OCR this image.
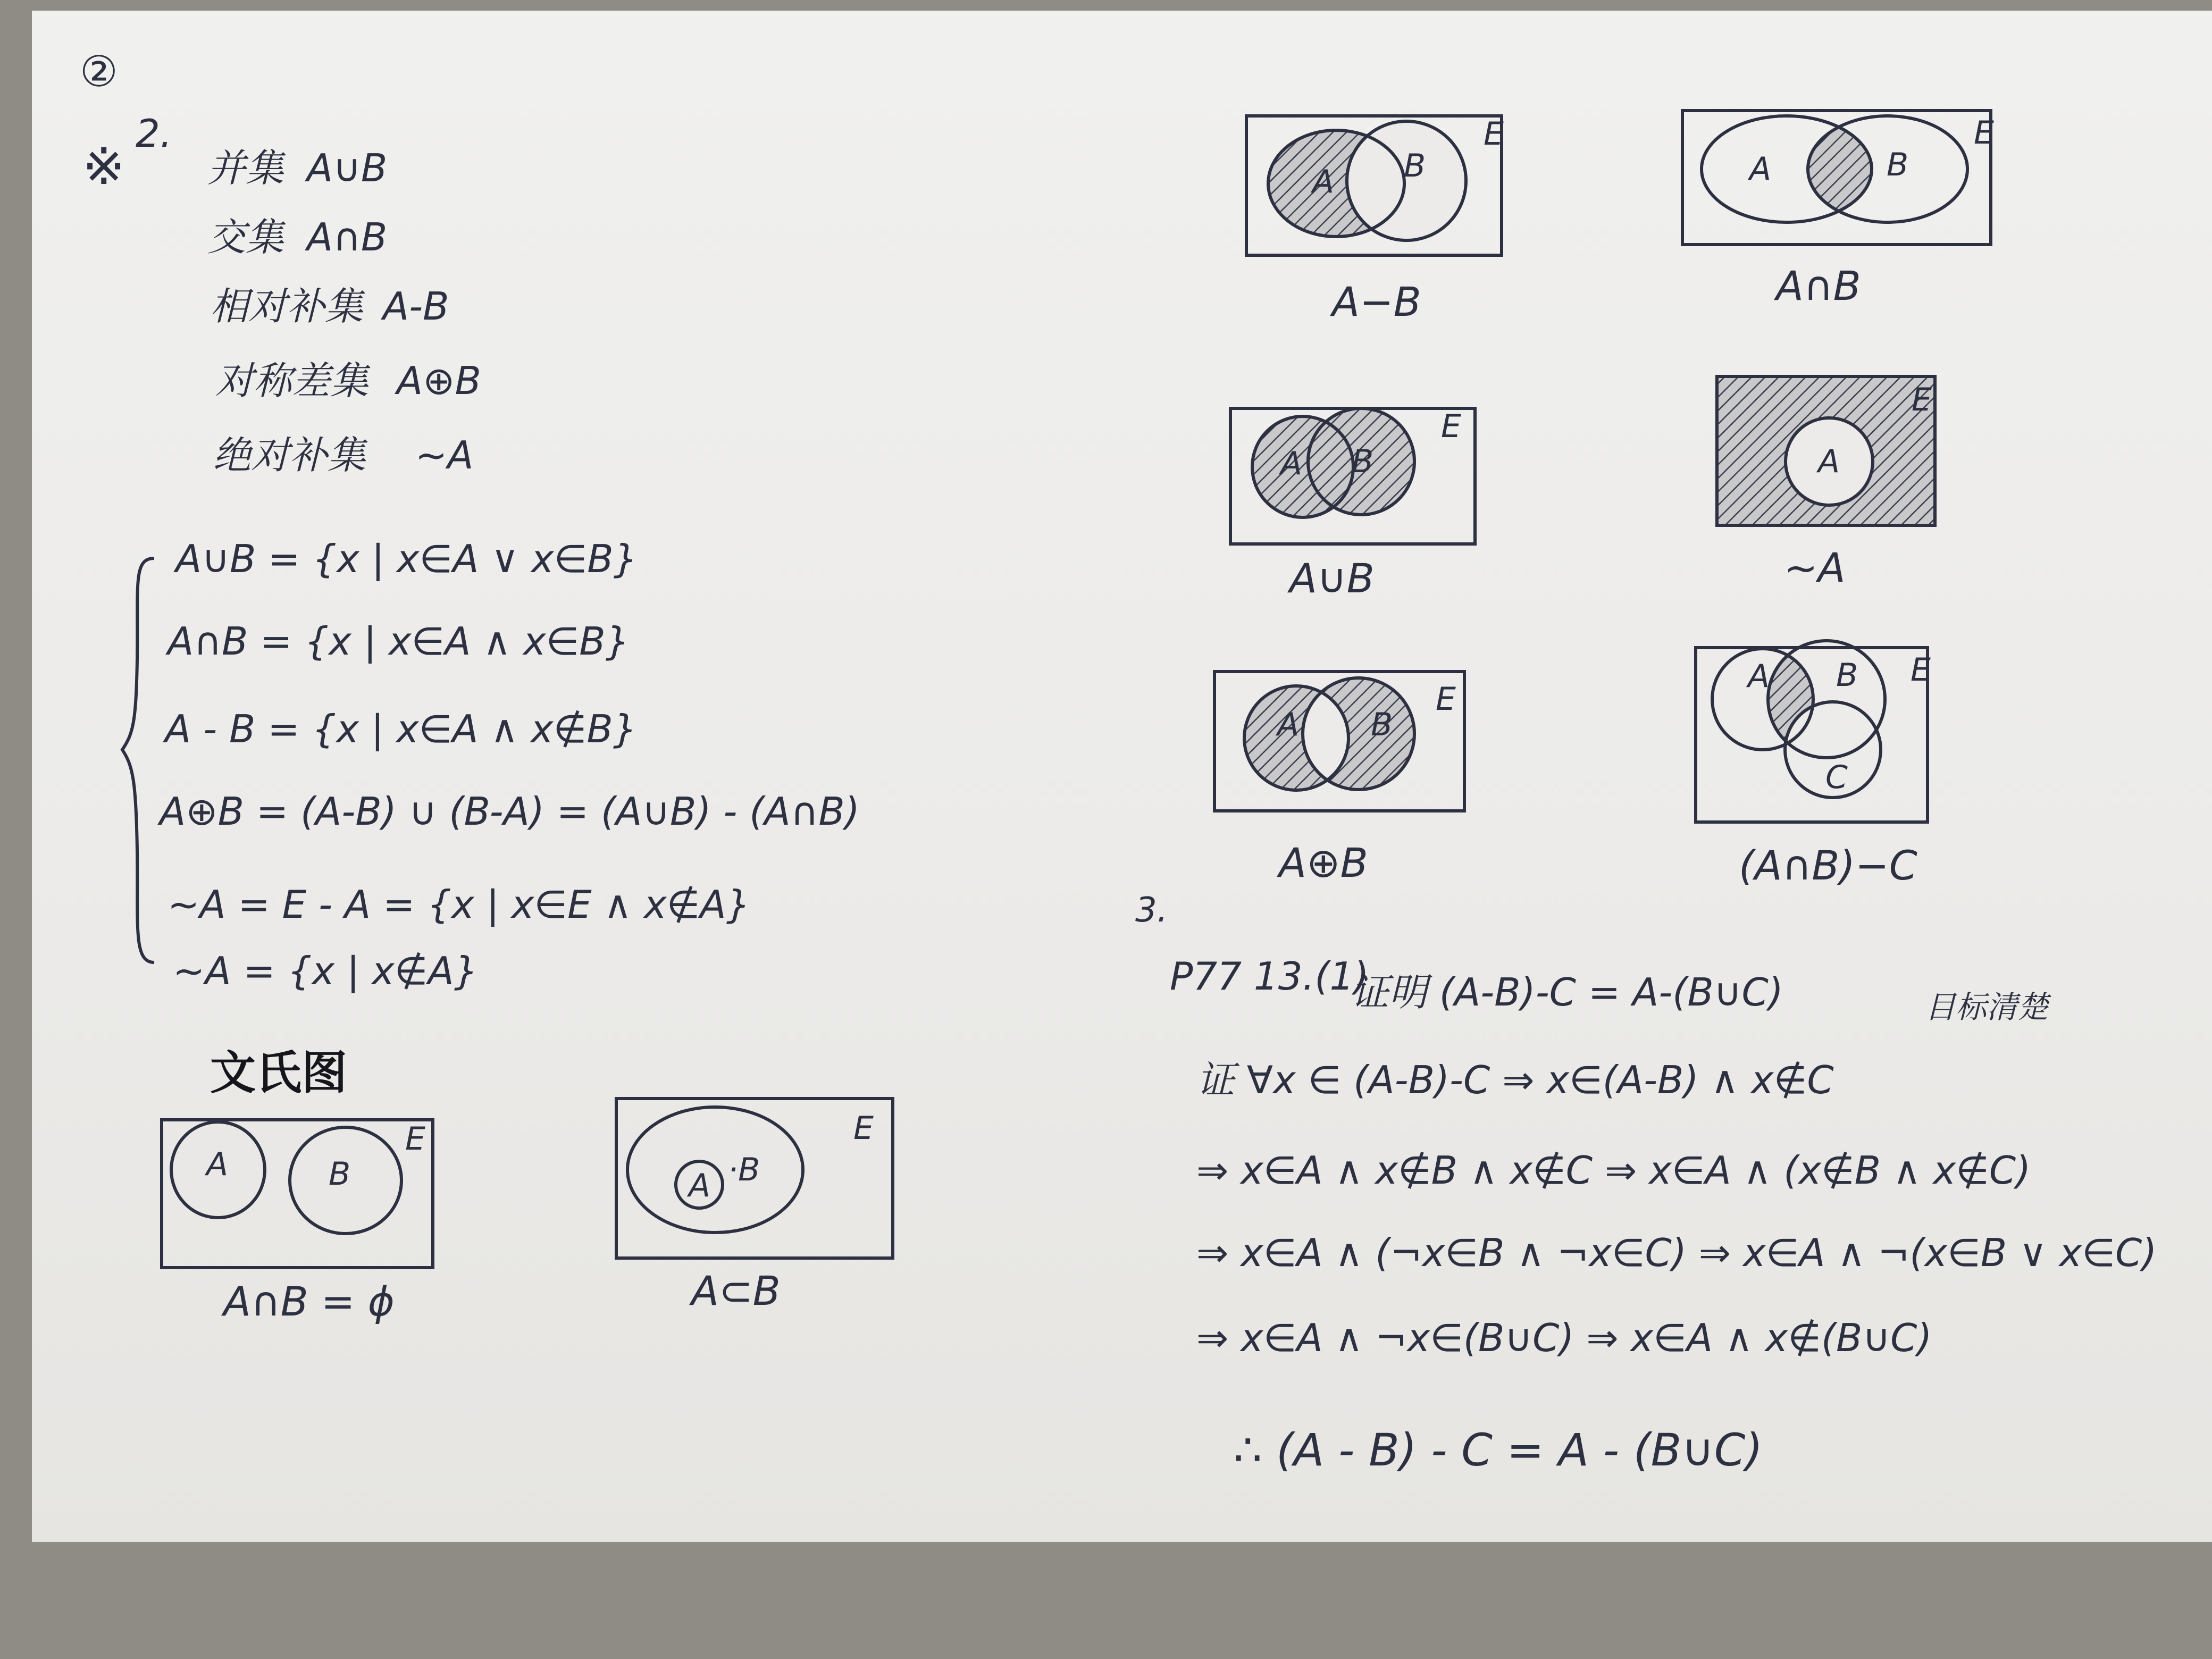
②
※
2.
并集 A∪B
交集 A∩B
相对补集 A-B
对称差集 A⊕B
绝对补集 ~A
A∪B = {x | x∈A ∨ x∈B}
A∩B = {x | x∈A ∧ x∈B}
A - B = {x | x∈A ∧ x∉B}
A⊕B = (A-B) ∪ (B-A) = (A∪B) - (A∩B)
~A = E - A = {x | x∈E ∧ x∉A}
~A = {x | x∉A}
文氏图
A	B
E
A∩B = ϕ
A ·B
E
A⊂B
A B
E
A−B
A	B
E
A∩B
A B
E
A∪B
A
E
~A
A B
E
A⊕B
A B
C
E
(A∩B)−C
3.
P77 13.(1)
证明 (A-B)-C = A-(B∪C)	目标清楚
证 ∀x ∈ (A-B)-C ⇒ x∈(A-B) ∧ x∉C
⇒ x∈A ∧ x∉B ∧ x∉C ⇒ x∈A ∧ (x∉B ∧ x∉C)
⇒ x∈A ∧ (¬x∈B ∧ ¬x∈C) ⇒ x∈A ∧ ¬(x∈B ∨ x∈C)
⇒ x∈A ∧ ¬x∈(B∪C) ⇒ x∈A ∧ x∉(B∪C)
∴ (A - B) - C = A - (B∪C)
